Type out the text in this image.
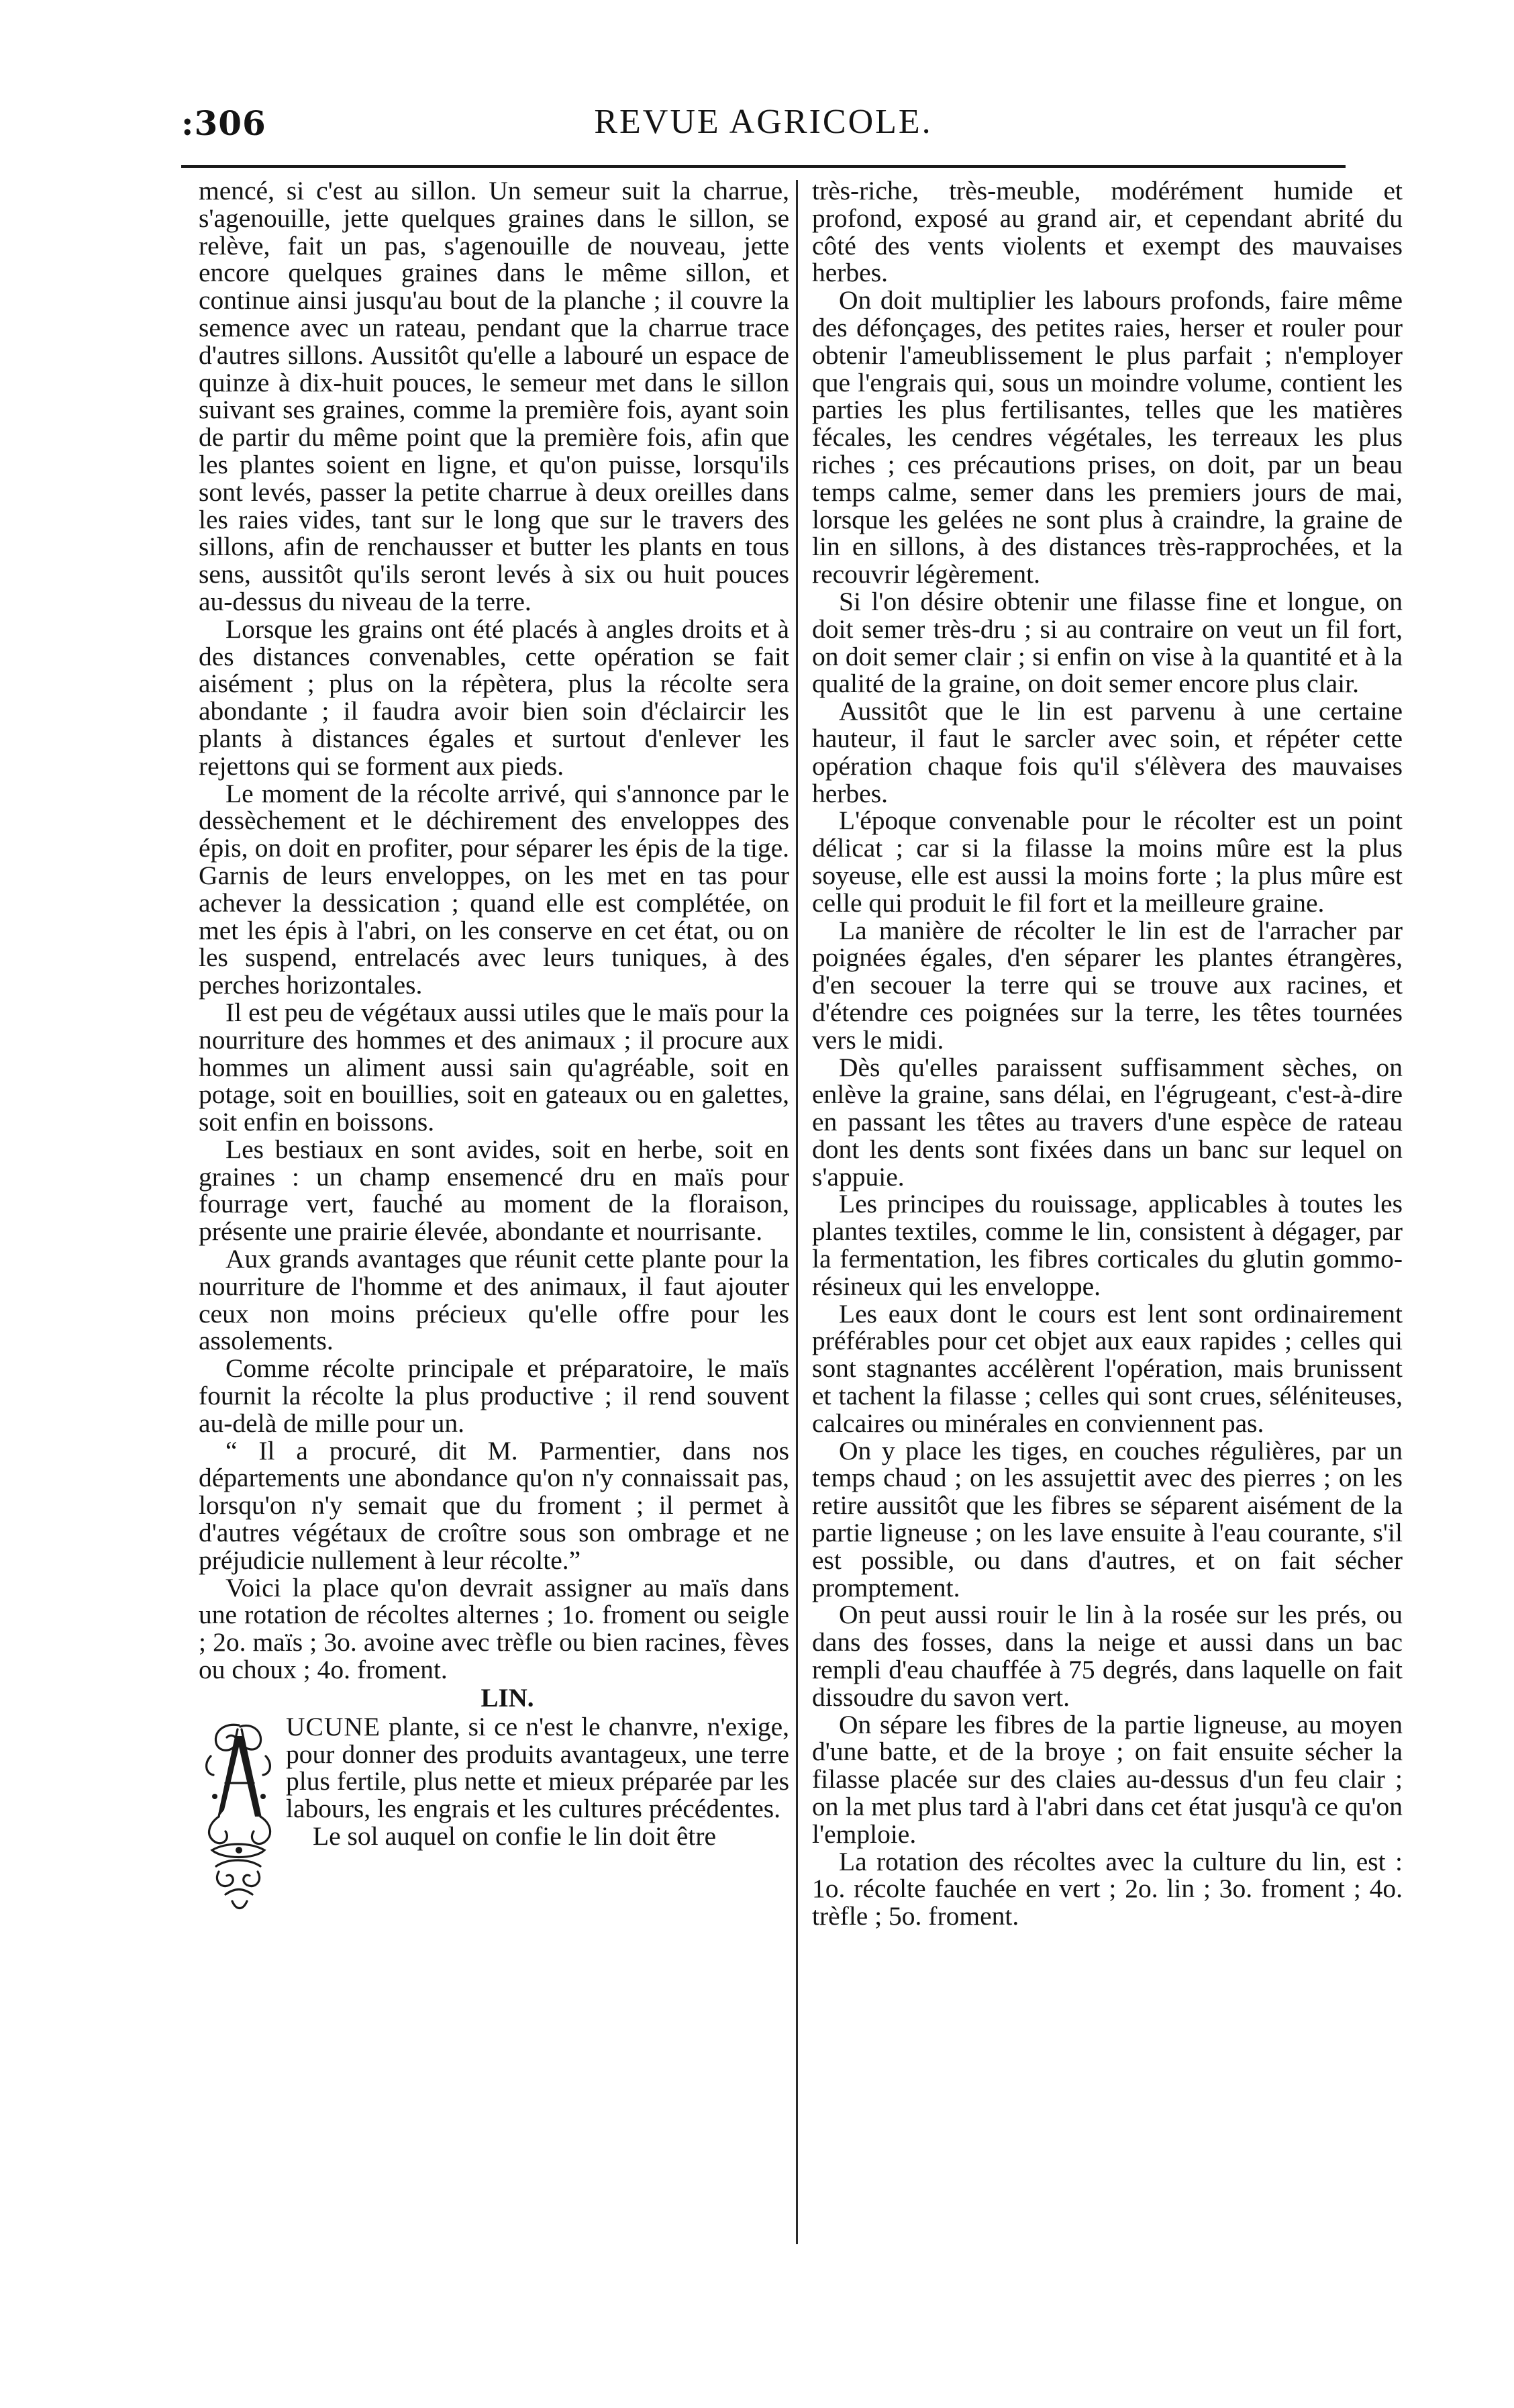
:306	REVUE AGRICOLE.

mencé, si c'est au sillon. Un semeur suit la charrue, s'agenouille, jette quelques graines dans le sillon, se relève, fait un pas, s'agenouille de nouveau, jette encore quelques graines dans le même sillon, et continue ainsi jusqu'au bout de la planche ; il couvre la semence avec un rateau, pendant que la charrue trace d'autres sillons. Aussitôt qu'elle a labouré un espace de quinze à dix-huit pouces, le semeur met dans le sillon suivant ses graines, comme la première fois, ayant soin de partir du même point que la première fois, afin que les plantes soient en ligne, et qu'on puisse, lorsqu'ils sont levés, passer la petite charrue à deux oreilles dans les raies vides, tant sur le long que sur le travers des sillons, afin de renchausser et butter les plants en tous sens, aussitôt qu'ils seront levés à six ou huit pouces au-dessus du niveau de la terre.

Lorsque les grains ont été placés à angles droits et à des distances convenables, cette opération se fait aisément ; plus on la répètera, plus la récolte sera abondante ; il faudra avoir bien soin d'éclaircir les plants à distances égales et surtout d'enlever les rejettons qui se forment aux pieds.

Le moment de la récolte arrivé, qui s'annonce par le dessèchement et le déchirement des enveloppes des épis, on doit en profiter, pour séparer les épis de la tige. Garnis de leurs enveloppes, on les met en tas pour achever la dessication ; quand elle est complétée, on met les épis à l'abri, on les conserve en cet état, ou on les suspend, entrelacés avec leurs tuniques, à des perches horizontales.

Il est peu de végétaux aussi utiles que le maïs pour la nourriture des hommes et des animaux ; il procure aux hommes un aliment aussi sain qu'agréable, soit en potage, soit en bouillies, soit en gateaux ou en galettes, soit enfin en boissons.

Les bestiaux en sont avides, soit en herbe, soit en graines : un champ ensemencé dru en maïs pour fourrage vert, fauché au moment de la floraison, présente une prairie élevée, abondante et nourrisante.

Aux grands avantages que réunit cette plante pour la nourriture de l'homme et des animaux, il faut ajouter ceux non moins précieux qu'elle offre pour les assolements.

Comme récolte principale et préparatoire, le maïs fournit la récolte la plus productive ; il rend souvent au-delà de mille pour un.

“ Il a procuré, dit M. Parmentier, dans nos départements une abondance qu'on n'y connaissait pas, lorsqu'on n'y semait que du froment ; il permet à d'autres végétaux de croître sous son ombrage et ne préjudicie nullement à leur récolte.”

Voici la place qu'on devrait assigner au maïs dans une rotation de récoltes alternes ; 1o. froment ou seigle ; 2o. maïs ; 3o. avoine avec trèfle ou bien racines, fèves ou choux ; 4o. froment.

LIN.

UCUNE plante, si ce n'est le chanvre, n'exige, pour donner des produits avantageux, une terre plus fertile, plus nette et mieux préparée par les labours, les engrais et les cultures précédentes.

Le sol auquel on confie le lin doit être

très-riche, très-meuble, modérément humide et profond, exposé au grand air, et cependant abrité du côté des vents violents et exempt des mauvaises herbes.

On doit multiplier les labours profonds, faire même des défonçages, des petites raies, herser et rouler pour obtenir l'ameublissement le plus parfait ; n'employer que l'engrais qui, sous un moindre volume, contient les parties les plus fertilisantes, telles que les matières fécales, les cendres végétales, les terreaux les plus riches ; ces précautions prises, on doit, par un beau temps calme, semer dans les premiers jours de mai, lorsque les gelées ne sont plus à craindre, la graine de lin en sillons, à des distances très-rapprochées, et la recouvrir légèrement.

Si l'on désire obtenir une filasse fine et longue, on doit semer très-dru ; si au contraire on veut un fil fort, on doit semer clair ; si enfin on vise à la quantité et à la qualité de la graine, on doit semer encore plus clair.

Aussitôt que le lin est parvenu à une certaine hauteur, il faut le sarcler avec soin, et répéter cette opération chaque fois qu'il s'élèvera des mauvaises herbes.

L'époque convenable pour le récolter est un point délicat ; car si la filasse la moins mûre est la plus soyeuse, elle est aussi la moins forte ; la plus mûre est celle qui produit le fil fort et la meilleure graine.

La manière de récolter le lin est de l'arracher par poignées égales, d'en séparer les plantes étrangères, d'en secouer la terre qui se trouve aux racines, et d'étendre ces poignées sur la terre, les têtes tournées vers le midi.

Dès qu'elles paraissent suffisamment sèches, on enlève la graine, sans délai, en l'égrugeant, c'est-à-dire en passant les têtes au travers d'une espèce de rateau dont les dents sont fixées dans un banc sur lequel on s'appuie.

Les principes du rouissage, applicables à toutes les plantes textiles, comme le lin, consistent à dégager, par la fermentation, les fibres corticales du glutin gommo-résineux qui les enveloppe.

Les eaux dont le cours est lent sont ordinairement préférables pour cet objet aux eaux rapides ; celles qui sont stagnantes accélèrent l'opération, mais brunissent et tachent la filasse ; celles qui sont crues, séléniteuses, calcaires ou minérales en conviennent pas.

On y place les tiges, en couches régulières, par un temps chaud ; on les assujettit avec des pierres ; on les retire aussitôt que les fibres se séparent aisément de la partie ligneuse ; on les lave ensuite à l'eau courante, s'il est possible, ou dans d'autres, et on fait sécher promptement.

On peut aussi rouir le lin à la rosée sur les prés, ou dans des fosses, dans la neige et aussi dans un bac rempli d'eau chauffée à 75 degrés, dans laquelle on fait dissoudre du savon vert.

On sépare les fibres de la partie ligneuse, au moyen d'une batte, et de la broye ; on fait ensuite sécher la filasse placée sur des claies au-dessus d'un feu clair ; on la met plus tard à l'abri dans cet état jusqu'à ce qu'on l'emploie.

La rotation des récoltes avec la culture du lin, est : 1o. récolte fauchée en vert ; 2o. lin ; 3o. froment ; 4o. trèfle ; 5o. froment.
